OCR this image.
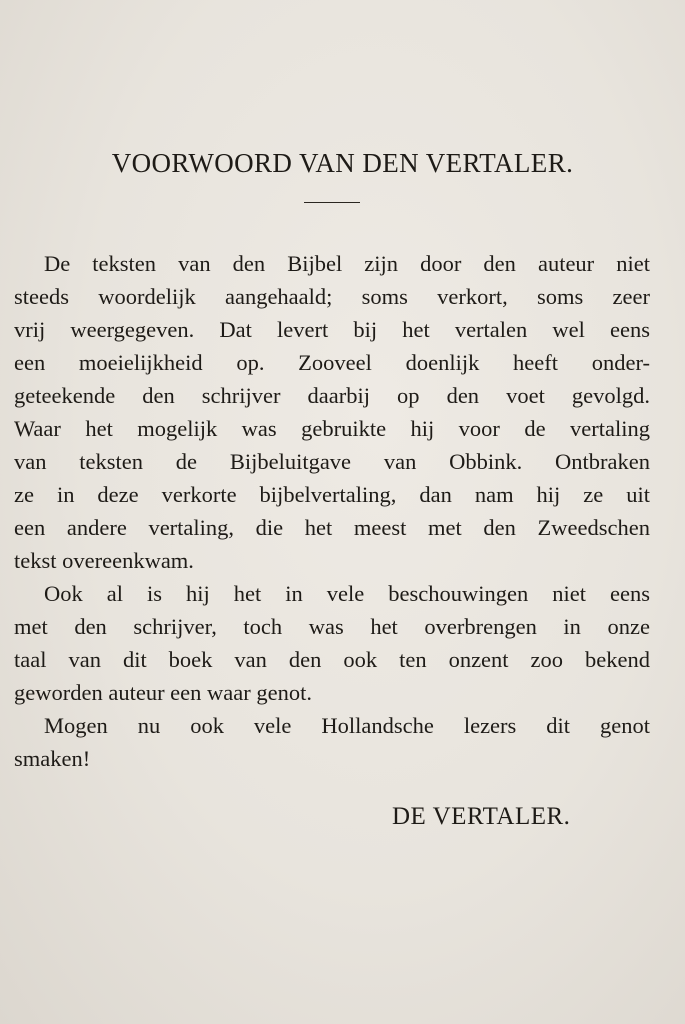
VOORWOORD VAN DEN VERTALER.
De teksten van den Bijbel zijn door den auteur niet
steeds woordelijk aangehaald; soms verkort, soms zeer
vrij weergegeven. Dat levert bij het vertalen wel eens
een moeielijkheid op. Zooveel doenlijk heeft onder-
geteekende den schrijver daarbij op den voet gevolgd.
Waar het mogelijk was gebruikte hij voor de vertaling
van teksten de Bijbeluitgave van Obbink. Ontbraken
ze in deze verkorte bijbelvertaling, dan nam hij ze uit
een andere vertaling, die het meest met den Zweedschen
tekst overeenkwam.
Ook al is hij het in vele beschouwingen niet eens
met den schrijver, toch was het overbrengen in onze
taal van dit boek van den ook ten onzent zoo bekend
geworden auteur een waar genot.
Mogen nu ook vele Hollandsche lezers dit genot
smaken!
DE VERTALER.
